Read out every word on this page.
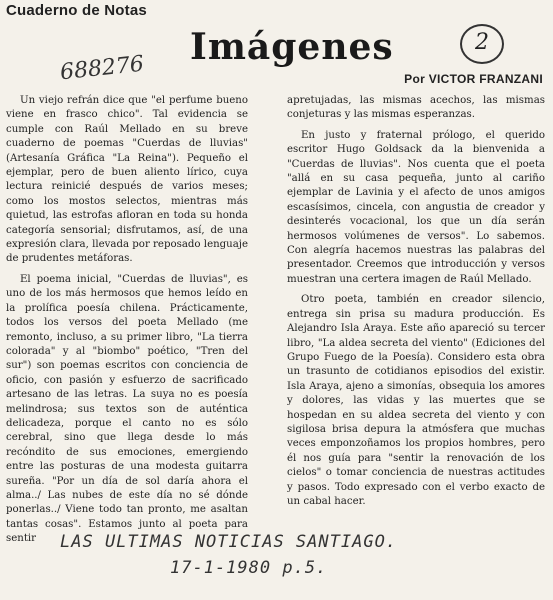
Cuaderno de Notas
Imágenes
688276
2
Por VICTOR FRANZANI

Un viejo refrán dice que "el perfume bueno viene en frasco chico". Tal evidencia se cumple con Raúl Mellado en su breve cuaderno de poemas "Cuerdas de lluvias" (Artesanía Gráfica "La Reina"). Pequeño el ejemplar, pero de buen aliento lírico, cuya lectura reinicié después de varios meses; como los mostos selectos, mientras más quietud, las estrofas afloran en toda su honda categoría sensorial; disfrutamos, así, de una expresión clara, llevada por reposado lenguaje de prudentes metáforas.

El poema inicial, "Cuerdas de lluvias", es uno de los más hermosos que hemos leído en la prolífica poesía chilena. Prácticamente, todos los versos del poeta Mellado (me remonto, incluso, a su primer libro, "La tierra colorada" y al "biombo" poético, "Tren del sur") son poemas escritos con conciencia de oficio, con pasión y esfuerzo de sacrificado artesano de las letras. La suya no es poesía melindrosa; sus textos son de auténtica delicadeza, porque el canto no es sólo cerebral, sino que llega desde lo más recóndito de sus emociones, emergiendo entre las posturas de una modesta guitarra sureña. "Por un día de sol daría ahora el alma../ Las nubes de este día no sé dónde ponerlas../ Viene todo tan pronto, me asaltan tantas cosas". Estamos junto al poeta para sentir

apretujadas, las mismas acechos, las mismas conjeturas y las mismas esperanzas.

En justo y fraternal prólogo, el querido escritor Hugo Goldsack da la bienvenida a "Cuerdas de lluvias". Nos cuenta que el poeta "allá en su casa pequeña, junto al cariño ejemplar de Lavinia y el afecto de unos amigos escasísimos, cincela, con angustia de creador y desinterés vocacional, los que un día serán hermosos volúmenes de versos". Lo sabemos. Con alegría hacemos nuestras las palabras del presentador. Creemos que introducción y versos muestran una certera imagen de Raúl Mellado.

Otro poeta, también en creador silencio, entrega sin prisa su madura producción. Es Alejandro Isla Araya. Este año apareció su tercer libro, "La aldea secreta del viento" (Ediciones del Grupo Fuego de la Poesía). Considero esta obra un trasunto de cotidianos episodios del existir. Isla Araya, ajeno a simonías, obsequia los amores y dolores, las vidas y las muertes que se hospedan en su aldea secreta del viento y con sigilosa brisa depura la atmósfera que muchas veces emponzoñamos los propios hombres, pero él nos guía para "sentir la renovación de los cielos" o tomar conciencia de nuestras actitudes y pasos. Todo expresado con el verbo exacto de un cabal hacer.

LAS ULTIMAS NOTICIAS SANTIAGO.
17-1-1980 p.5.
